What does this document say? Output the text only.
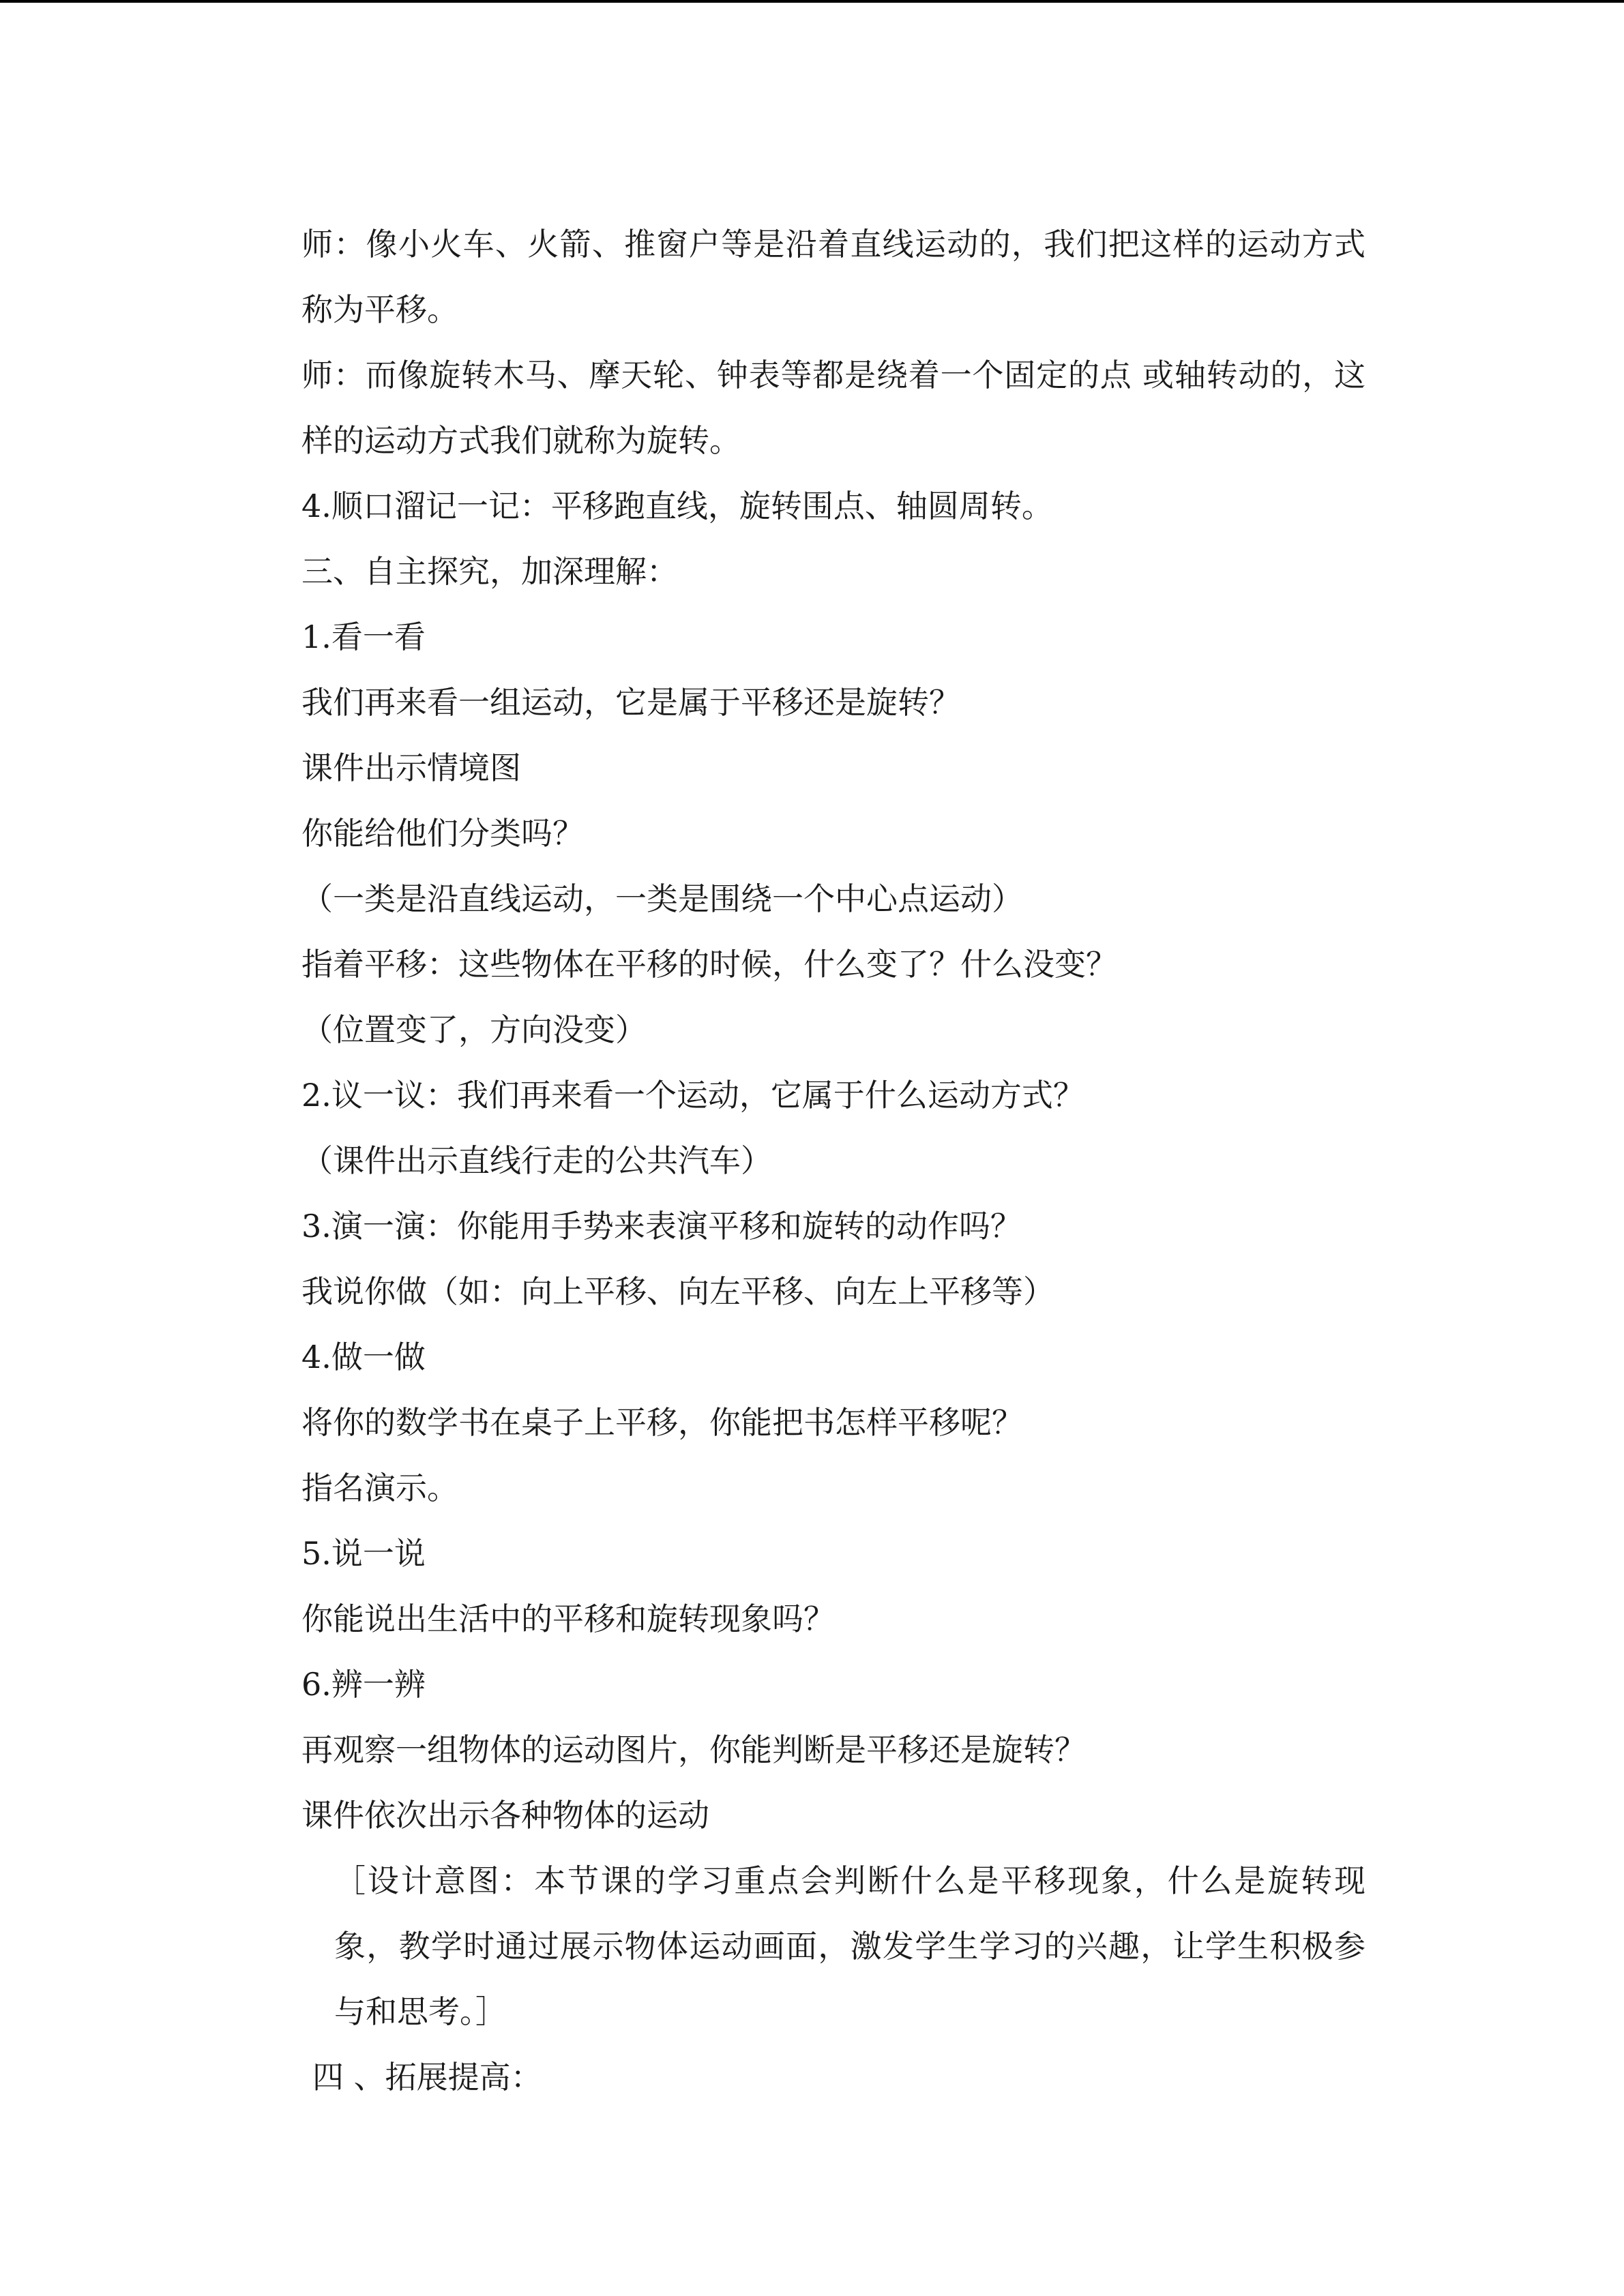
师：像小火车、火箭、推窗户等是沿着直线运动的，我们把这样的运动方式称为平移。

师：而像旋转木马、摩天轮、钟表等都是绕着一个固定的点 或轴转动的，这样的运动方式我们就称为旋转。

4.顺口溜记一记：平移跑直线，旋转围点、轴圆周转。

三、自主探究，加深理解：

1.看一看

我们再来看一组运动，它是属于平移还是旋转？

课件出示情境图

你能给他们分类吗？

（一类是沿直线运动，一类是围绕一个中心点运动）

指着平移：这些物体在平移的时候，什么变了？什么没变？

（位置变了，方向没变）

2.议一议：我们再来看一个运动，它属于什么运动方式？

（课件出示直线行走的公共汽车）

3.演一演：你能用手势来表演平移和旋转的动作吗？

我说你做（如：向上平移、向左平移、向左上平移等）

4.做一做

将你的数学书在桌子上平移，你能把书怎样平移呢？

指名演示。

5.说一说

你能说出生活中的平移和旋转现象吗？

6.辨一辨

再观察一组物体的运动图片，你能判断是平移还是旋转？

课件依次出示各种物体的运动

［设计意图：本节课的学习重点会判断什么是平移现象，什么是旋转现象，教学时通过展示物体运动画面，激发学生学习的兴趣，让学生积极参与和思考。］

四 、拓展提高：
